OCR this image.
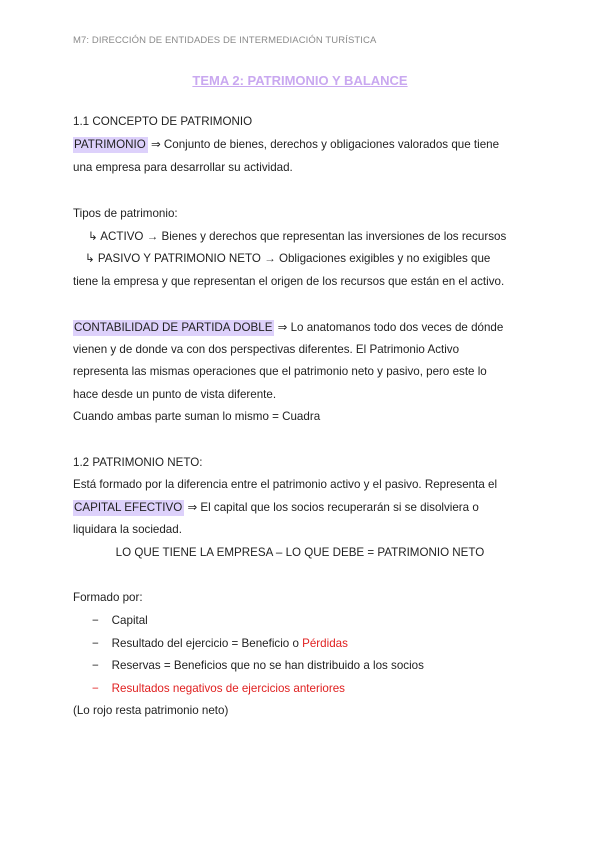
M7: DIRECCIÓN DE ENTIDADES DE INTERMEDIACIÓN TURÍSTICA
TEMA 2: PATRIMONIO Y BALANCE
1.1 CONCEPTO DE PATRIMONIO
PATRIMONIO ⇒ Conjunto de bienes, derechos y obligaciones valorados que tiene
una empresa para desarrollar su actividad.
Tipos de patrimonio:
↳ ACTIVO → Bienes y derechos que representan las inversiones de los recursos
↳ PASIVO Y PATRIMONIO NETO → Obligaciones exigibles y no exigibles que
tiene la empresa y que representan el origen de los recursos que están en el activo.
CONTABILIDAD DE PARTIDA DOBLE ⇒ Lo anatomanos todo dos veces de dónde
vienen y de donde va con dos perspectivas diferentes. El Patrimonio Activo
representa las mismas operaciones que el patrimonio neto y pasivo, pero este lo
hace desde un punto de vista diferente.
Cuando ambas parte suman lo mismo = Cuadra
1.2 PATRIMONIO NETO:
Está formado por la diferencia entre el patrimonio activo y el pasivo. Representa el
CAPITAL EFECTIVO ⇒ El capital que los socios recuperarán si se disolviera o
liquidara la sociedad.
LO QUE TIENE LA EMPRESA – LO QUE DEBE = PATRIMONIO NETO
Formado por:
− Capital
− Resultado del ejercicio = Beneficio o Pérdidas
− Reservas = Beneficios que no se han distribuido a los socios
− Resultados negativos de ejercicios anteriores
(Lo rojo resta patrimonio neto)
